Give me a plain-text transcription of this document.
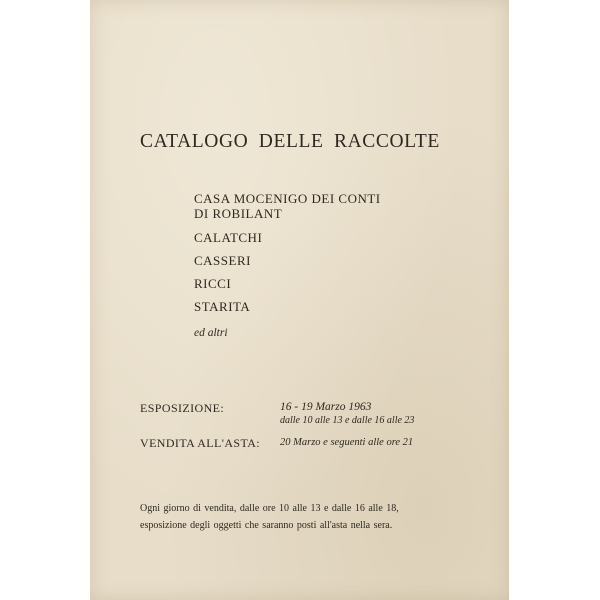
CATALOGO DELLE RACCOLTE
CASA MOCENIGO DEI CONTI
DI ROBILANT
CALATCHI
CASSERI
RICCI
STARITA
ed altri
ESPOSIZIONE:	16 - 19 Marzo 1963
dalle 10 alle 13 e dalle 16 alle 23
VENDITA ALL'ASTA: 20 Marzo e seguenti alle ore 21
Ogni giorno di vendita, dalle ore 10 alle 13 e dalle 16 alle 18,
esposizione degli oggetti che saranno posti all'asta nella sera.
